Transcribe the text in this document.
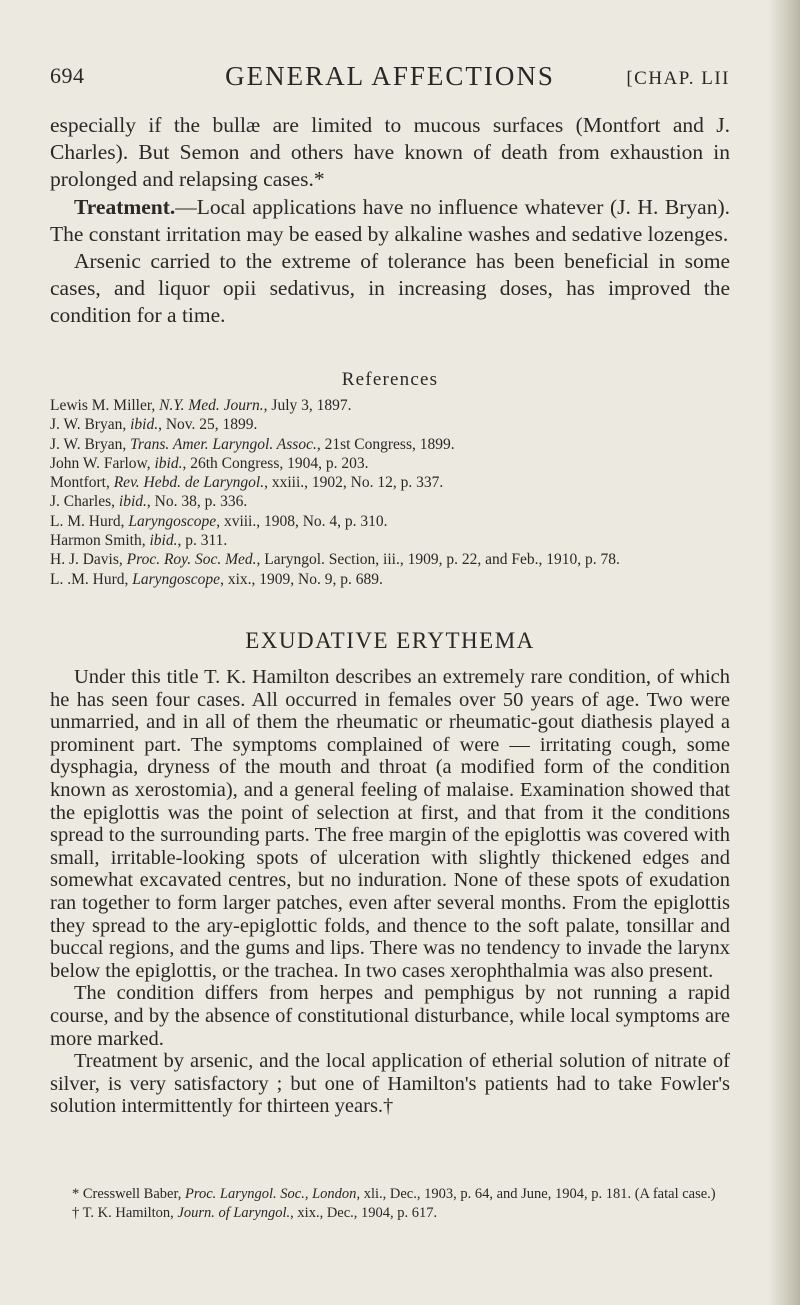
694	GENERAL AFFECTIONS	[CHAP. LII

especially if the bullæ are limited to mucous surfaces (Montfort and J. Charles). But Semon and others have known of death from exhaustion in prolonged and relapsing cases.*

Treatment.—Local applications have no influence whatever (J. H. Bryan). The constant irritation may be eased by alkaline washes and sedative lozenges.

Arsenic carried to the extreme of tolerance has been beneficial in some cases, and liquor opii sedativus, in increasing doses, has improved the condition for a time.

References
Lewis M. Miller, N.Y. Med. Journ., July 3, 1897.
J. W. Bryan, ibid., Nov. 25, 1899.
J. W. Bryan, Trans. Amer. Laryngol. Assoc., 21st Congress, 1899.
John W. Farlow, ibid., 26th Congress, 1904, p. 203.
Montfort, Rev. Hebd. de Laryngol., xxiii., 1902, No. 12, p. 337.
J. Charles, ibid., No. 38, p. 336.
L. M. Hurd, Laryngoscope, xviii., 1908, No. 4, p. 310.
Harmon Smith, ibid., p. 311.
H. J. Davis, Proc. Roy. Soc. Med., Laryngol. Section, iii., 1909, p. 22, and Feb., 1910, p. 78.
L. .M. Hurd, Laryngoscope, xix., 1909, No. 9, p. 689.
EXUDATIVE ERYTHEMA

Under this title T. K. Hamilton describes an extremely rare condition, of which he has seen four cases. All occurred in females over 50 years of age. Two were unmarried, and in all of them the rheumatic or rheumatic-gout diathesis played a prominent part. The symptoms complained of were — irritating cough, some dysphagia, dryness of the mouth and throat (a modified form of the condition known as xerostomia), and a general feeling of malaise. Examination showed that the epiglottis was the point of selection at first, and that from it the conditions spread to the surrounding parts. The free margin of the epiglottis was covered with small, irritable-looking spots of ulceration with slightly thickened edges and somewhat excavated centres, but no induration. None of these spots of exudation ran together to form larger patches, even after several months. From the epiglottis they spread to the ary-epiglottic folds, and thence to the soft palate, tonsillar and buccal regions, and the gums and lips. There was no tendency to invade the larynx below the epiglottis, or the trachea. In two cases xerophthalmia was also present.

The condition differs from herpes and pemphigus by not running a rapid course, and by the absence of constitutional disturbance, while local symptoms are more marked.

Treatment by arsenic, and the local application of etherial solution of nitrate of silver, is very satisfactory ; but one of Hamilton's patients had to take Fowler's solution intermittently for thirteen years.†

* Cresswell Baber, Proc. Laryngol. Soc., London, xli., Dec., 1903, p. 64, and June, 1904, p. 181. (A fatal case.)

† T. K. Hamilton, Journ. of Laryngol., xix., Dec., 1904, p. 617.
